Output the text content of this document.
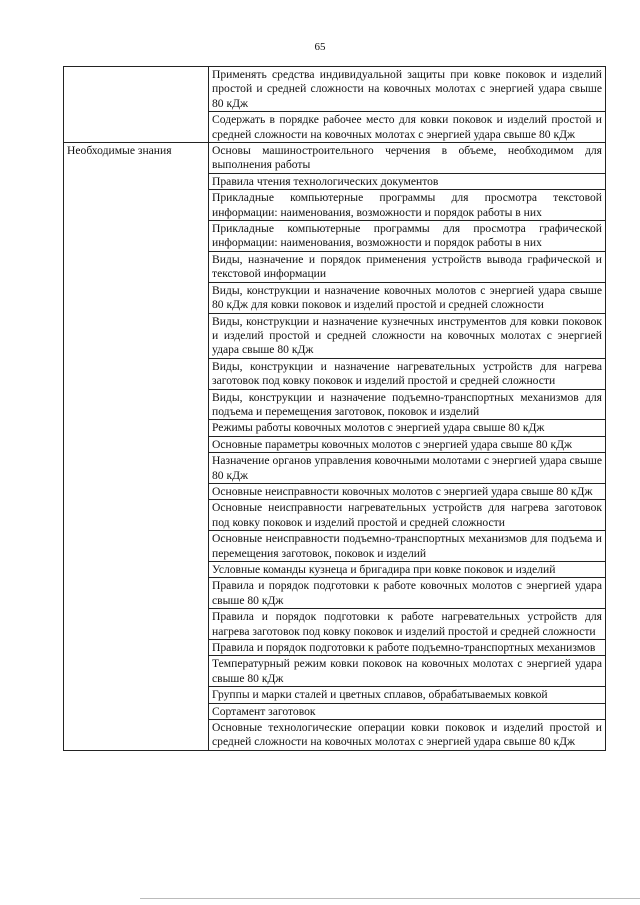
65
	Применять средства индивидуальной защиты при ковке поковок и изделий простой и средней сложности на ковочных молотах с энергией удара свыше 80 кДж
	Содержать в порядке рабочее место для ковки поковок и изделий простой и средней сложности на ковочных молотах с энергией удара свыше 80 кДж
Необходимые знания	Основы машиностроительного черчения в объеме, необходимом для выполнения работы
	Правила чтения технологических документов
	Прикладные компьютерные программы для просмотра текстовой информации: наименования, возможности и порядок работы в них
	Прикладные компьютерные программы для просмотра графической информации: наименования, возможности и порядок работы в них
	Виды, назначение и порядок применения устройств вывода графической и текстовой информации
	Виды, конструкции и назначение ковочных молотов с энергией удара свыше 80 кДж для ковки поковок и изделий простой и средней сложности
	Виды, конструкции и назначение кузнечных инструментов для ковки поковок и изделий простой и средней сложности на ковочных молотах с энергией удара свыше 80 кДж
	Виды, конструкции и назначение нагревательных устройств для нагрева заготовок под ковку поковок и изделий простой и средней сложности
	Виды, конструкции и назначение подъемно-транспортных механизмов для подъема и перемещения заготовок, поковок и изделий
	Режимы работы ковочных молотов с энергией удара свыше 80 кДж
	Основные параметры ковочных молотов с энергией удара свыше 80 кДж
	Назначение органов управления ковочными молотами с энергией удара свыше 80 кДж
	Основные неисправности ковочных молотов с энергией удара свыше 80 кДж
	Основные неисправности нагревательных устройств для нагрева заготовок под ковку поковок и изделий простой и средней сложности
	Основные неисправности подъемно-транспортных механизмов для подъема и перемещения заготовок, поковок и изделий
	Условные команды кузнеца и бригадира при ковке поковок и изделий
	Правила и порядок подготовки к работе ковочных молотов с энергией удара свыше 80 кДж
	Правила и порядок подготовки к работе нагревательных устройств для нагрева заготовок под ковку поковок и изделий простой и средней сложности
	Правила и порядок подготовки к работе подъемно-транспортных механизмов
	Температурный режим ковки поковок на ковочных молотах с энергией удара свыше 80 кДж
	Группы и марки сталей и цветных сплавов, обрабатываемых ковкой
	Сортамент заготовок
	Основные технологические операции ковки поковок и изделий простой и средней сложности на ковочных молотах с энергией удара свыше 80 кДж
